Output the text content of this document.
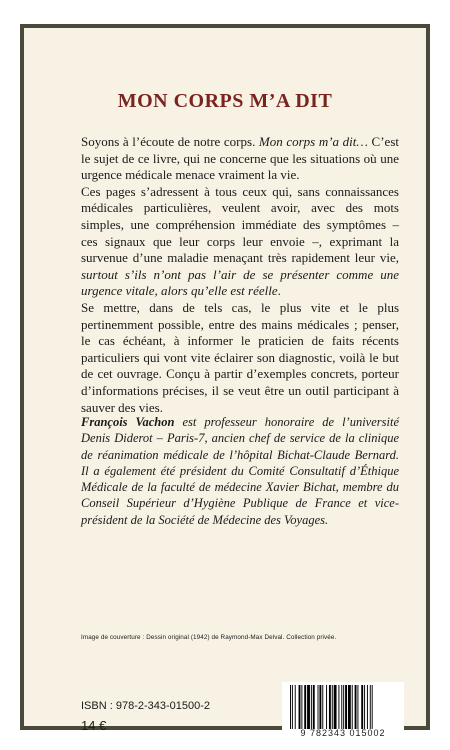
MON CORPS M’A DIT

Soyons à l’écoute de notre corps. Mon corps m’a dit… C’est le sujet de ce livre, qui ne concerne que les situations où une urgence médicale menace vraiment la vie.

Ces pages s’adressent à tous ceux qui, sans connaissances médicales particulières, veulent avoir, avec des mots simples, une compréhension immédiate des symptômes – ces signaux que leur corps leur envoie –, exprimant la survenue d’une maladie menaçant très rapidement leur vie, surtout s’ils n’ont pas l’air de se présenter comme une urgence vitale, alors qu’elle est réelle.

Se mettre, dans de tels cas, le plus vite et le plus pertinemment possible, entre des mains médicales ; penser, le cas échéant, à informer le praticien de faits récents particuliers qui vont vite éclairer son diagnostic, voilà le but de cet ouvrage. Conçu à partir d’exemples concrets, porteur d’informations précises, il se veut être un outil participant à sauver des vies.

François Vachon est professeur honoraire de l’université Denis Diderot – Paris-7, ancien chef de service de la clinique de réanimation médicale de l’hôpital Bichat-Claude Bernard. Il a également été président du Comité Consultatif d’Éthique Médicale de la faculté de médecine Xavier Bichat, membre du Conseil Supérieur d’Hygiène Publique de France et vice-président de la Société de Médecine des Voyages.
Image de couverture : Dessin original (1942) de Raymond-Max Delval. Collection privée.
ISBN : 978-2-343-01500-2
14 €	9 782343 015002
